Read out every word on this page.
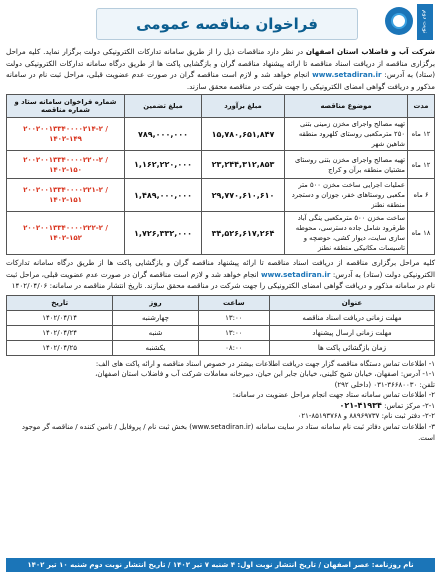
نوبت دوم
فراخوان مناقصه عمومی

شرکت آب و فاضلاب استان اصفهان در نظر دارد مناقصات ذیل را از طریق سامانه تدارکات الکترونیکی دولت برگزار نماید. کلیه مراحل برگزاری مناقصه از دریافت اسناد مناقصه تا ارائه پیشنهاد مناقصه گران و بازگشایی پاکت ها از طریق درگاه سامانه تدارکات الکترونیکی دولت (ستاد) به آدرس: www.setadiran.ir انجام خواهد شد و لازم است مناقصه گران در صورت عدم عضویت قبلی، مراحل ثبت نام در سامانه مذکور و دریافت گواهی امضای الکترونیکی را جهت شرکت در مناقصه محقق سازند.

مدت	موضوع مناقصه	مبلغ برآورد	مبلغ تضمین	شماره فراخوان سامانه ستاد و شماره مناقصه
۱۲ ماه	تهیه مصالح واجرای مخزن زمینی بتنی ۲۵۰ مترمکعبی روستای کلهرود منطقه شاهین شهر	۱۵,۷۸۰,۶۵۱,۸۴۷	۷۸۹,۰۰۰,۰۰۰	۲۰۰۲۰۰۱۳۳۴۰۰۰۰۲۱۴-۲ / ۱۴۰۲-۱۴۹
۱۲ ماه	تهیه مصالح واجرای مخزن بتنی روستای مشتیان منطقه برآن و کراج	۲۳,۲۴۴,۳۱۲,۸۵۳	۱,۱۶۲,۲۲۰,۰۰۰	۲۰۰۲۰۰۱۳۳۴۰۰۰۰۲۲۰-۲ / ۱۴۰۲-۱۵۰
۶ ماه	عملیات اجرایی ساخت مخزن ۵۰۰ متر مکعبی روستاهای خفر، جوزان و دستجرد منطقه نطنز	۲۹,۷۷۰,۶۱۰,۶۱۰	۱,۴۸۹,۰۰۰,۰۰۰	۲۰۰۲۰۰۱۳۳۴۰۰۰۰۲۲۱-۲ / ۱۴۰۲-۱۵۱
۱۸ ماه	ساخت مخزن ۵۰۰ مترمکعبی ینگی آباد طرقرود شامل جاده دسترسی، محوطه سازی سایت، دیوار کشی، حوضچه و تاسیسات مکانیکی منطقه نطنز	۳۴,۵۲۶,۶۱۷,۲۶۴	۱,۷۲۶,۳۳۲,۰۰۰	۲۰۰۲۰۰۱۳۳۴۰۰۰۰۲۲۲-۲ / ۱۴۰۲-۱۵۲

کلیه مراحل برگزاری مناقصه از دریافت اسناد مناقصه تا ارائه پیشنهاد مناقصه گران و بازگشایی پاکت ها از طریق درگاه سامانه تدارکات الکترونیکی دولت (ستاد) به آدرس: www.setadiran.ir انجام خواهد شد و لازم است مناقصه گران در صورت عدم عضویت قبلی، مراحل ثبت نام در سامانه مذکور و دریافت گواهی امضای الکترونیکی را جهت شرکت در مناقصه محقق سازند. تاریخ انتشار مناقصه در سامانه: ۱۴۰۲/۰۴/۰۶

عنوان	ساعت	روز	تاریخ
مهلت زمانی دریافت اسناد مناقصه	۱۳:۰۰	چهارشنبه	۱۴۰۲/۰۴/۱۴
مهلت زمانی ارسال پیشنهاد	۱۳:۰۰	شنبه	۱۴۰۲/۰۴/۲۴
زمان بازگشائی پاکت ها	۰۸:۰۰	یکشنبه	۱۴۰۲/۰۴/۲۵
۱- اطلاعات تماس دستگاه مناقصه گزار جهت دریافت اطلاعات بیشتر در خصوص اسناد مناقصه و ارائه پاکت های الف:
۱-۱- آدرس: اصفهان، خیابان شیخ کلینی، خیابان جابر ابن حیان، دبیرخانه معاملات شرکت آب و فاضلاب استان اصفهان،
تلفن: ۳۶۶۸۰۰۳۰-۰۳۱ (داخلی ۲۹۲)
۲- اطلاعات تماس سامانه ستاد جهت انجام مراحل عضویت در سامانه:
۲-۱- مرکز تماس: ۰۲۱-۴۱۹۳۴
۲-۲- دفتر ثبت نام: ۸۸۹۶۹۷۳۷ و ۸۵۱۹۳۷۶۸-۰۲۱
۳- اطلاعات تماس دفاتر ثبت نام سامانه ستاد در سایت سامانه (www.setadiran.ir) بخش ثبت نام / پروفایل / تامین کننده / مناقصه گر موجود است.
نام روزنامه: عصر اصفهان / تاریخ انتشار نوبت اول: ۴ شنبه ۷ تیر ۱۴۰۲ / تاریخ انتشار نوبت دوم شنبه ۱۰ تیر ۱۴۰۲
